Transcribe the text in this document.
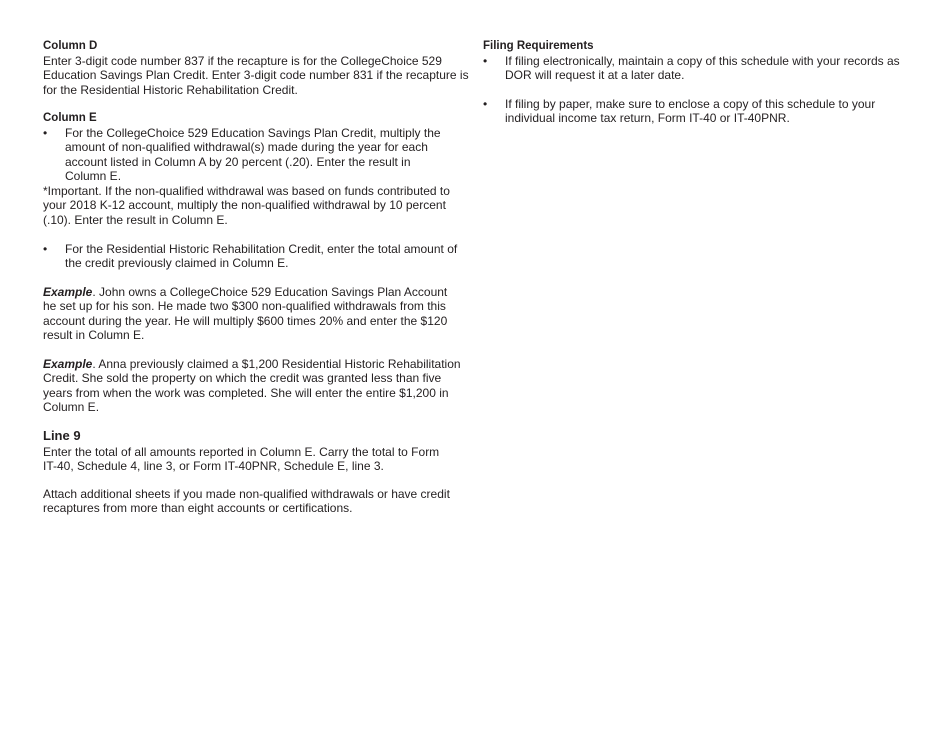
Column D
Enter 3-digit code number 837 if the recapture is for the CollegeChoice 529
Education Savings Plan Credit. Enter 3-digit code number 831 if the recapture is
for the Residential Historic Rehabilitation Credit.
Column E
• For the CollegeChoice 529 Education Savings Plan Credit, multiply the
amount of non-qualified withdrawal(s) made during the year for each
account listed in Column A by 20 percent (.20). Enter the result in
Column E.
*Important. If the non-qualified withdrawal was based on funds contributed to
your 2018 K-12 account, multiply the non-qualified withdrawal by 10 percent
(.10). Enter the result in Column E.
• For the Residential Historic Rehabilitation Credit, enter the total amount of
the credit previously claimed in Column E.
Example. John owns a CollegeChoice 529 Education Savings Plan Account
he set up for his son. He made two $300 non-qualified withdrawals from this
account during the year. He will multiply $600 times 20% and enter the $120
result in Column E.
Example. Anna previously claimed a $1,200 Residential Historic Rehabilitation
Credit. She sold the property on which the credit was granted less than five
years from when the work was completed. She will enter the entire $1,200 in
Column E.
Line 9
Enter the total of all amounts reported in Column E. Carry the total to Form
IT-40, Schedule 4, line 3, or Form IT-40PNR, Schedule E, line 3.
Attach additional sheets if you made non-qualified withdrawals or have credit
recaptures from more than eight accounts or certifications.
Filing Requirements
• If filing electronically, maintain a copy of this schedule with your records as
DOR will request it at a later date.
• If filing by paper, make sure to enclose a copy of this schedule to your
individual income tax return, Form IT-40 or IT-40PNR.
